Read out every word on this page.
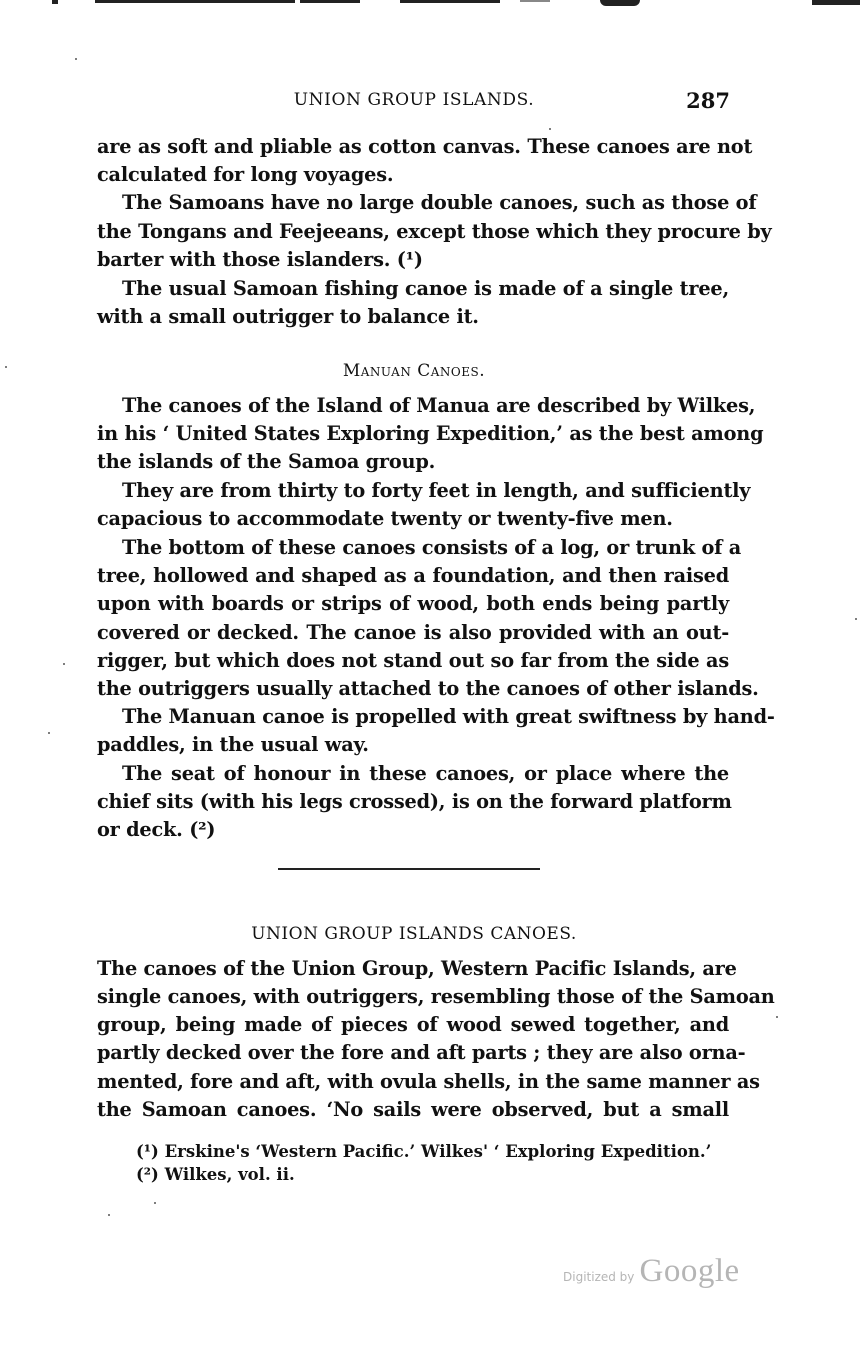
UNION GROUP ISLANDS.	287
are as soft and pliable as cotton canvas. These canoes are not
calculated for long voyages.
The Samoans have no large double canoes, such as those of
the Tongans and Feejeeans, except those which they procure by
barter with those islanders. (¹)
The usual Samoan fishing canoe is made of a single tree,
with a small outrigger to balance it.
Manuan Canoes.
The canoes of the Island of Manua are described by Wilkes,
in his ‘ United States Exploring Expedition,’ as the best among
the islands of the Samoa group.
They are from thirty to forty feet in length, and sufficiently
capacious to accommodate twenty or twenty-five men.
The bottom of these canoes consists of a log, or trunk of a
tree, hollowed and shaped as a foundation, and then raised
upon with boards or strips of wood, both ends being partly
covered or decked. The canoe is also provided with an out-
rigger, but which does not stand out so far from the side as
the outriggers usually attached to the canoes of other islands.
The Manuan canoe is propelled with great swiftness by hand-
paddles, in the usual way.
The seat of honour in these canoes, or place where the
chief sits (with his legs crossed), is on the forward platform
or deck. (²)
UNION GROUP ISLANDS CANOES.
The canoes of the Union Group, Western Pacific Islands, are
single canoes, with outriggers, resembling those of the Samoan
group, being made of pieces of wood sewed together, and
partly decked over the fore and aft parts ; they are also orna-
mented, fore and aft, with ovula shells, in the same manner as
the Samoan canoes. ‘No sails were observed, but a small
(¹) Erskine's ‘Western Pacific.’ Wilkes' ‘ Exploring Expedition.’
(²) Wilkes, vol. ii.
Digitized by Google
